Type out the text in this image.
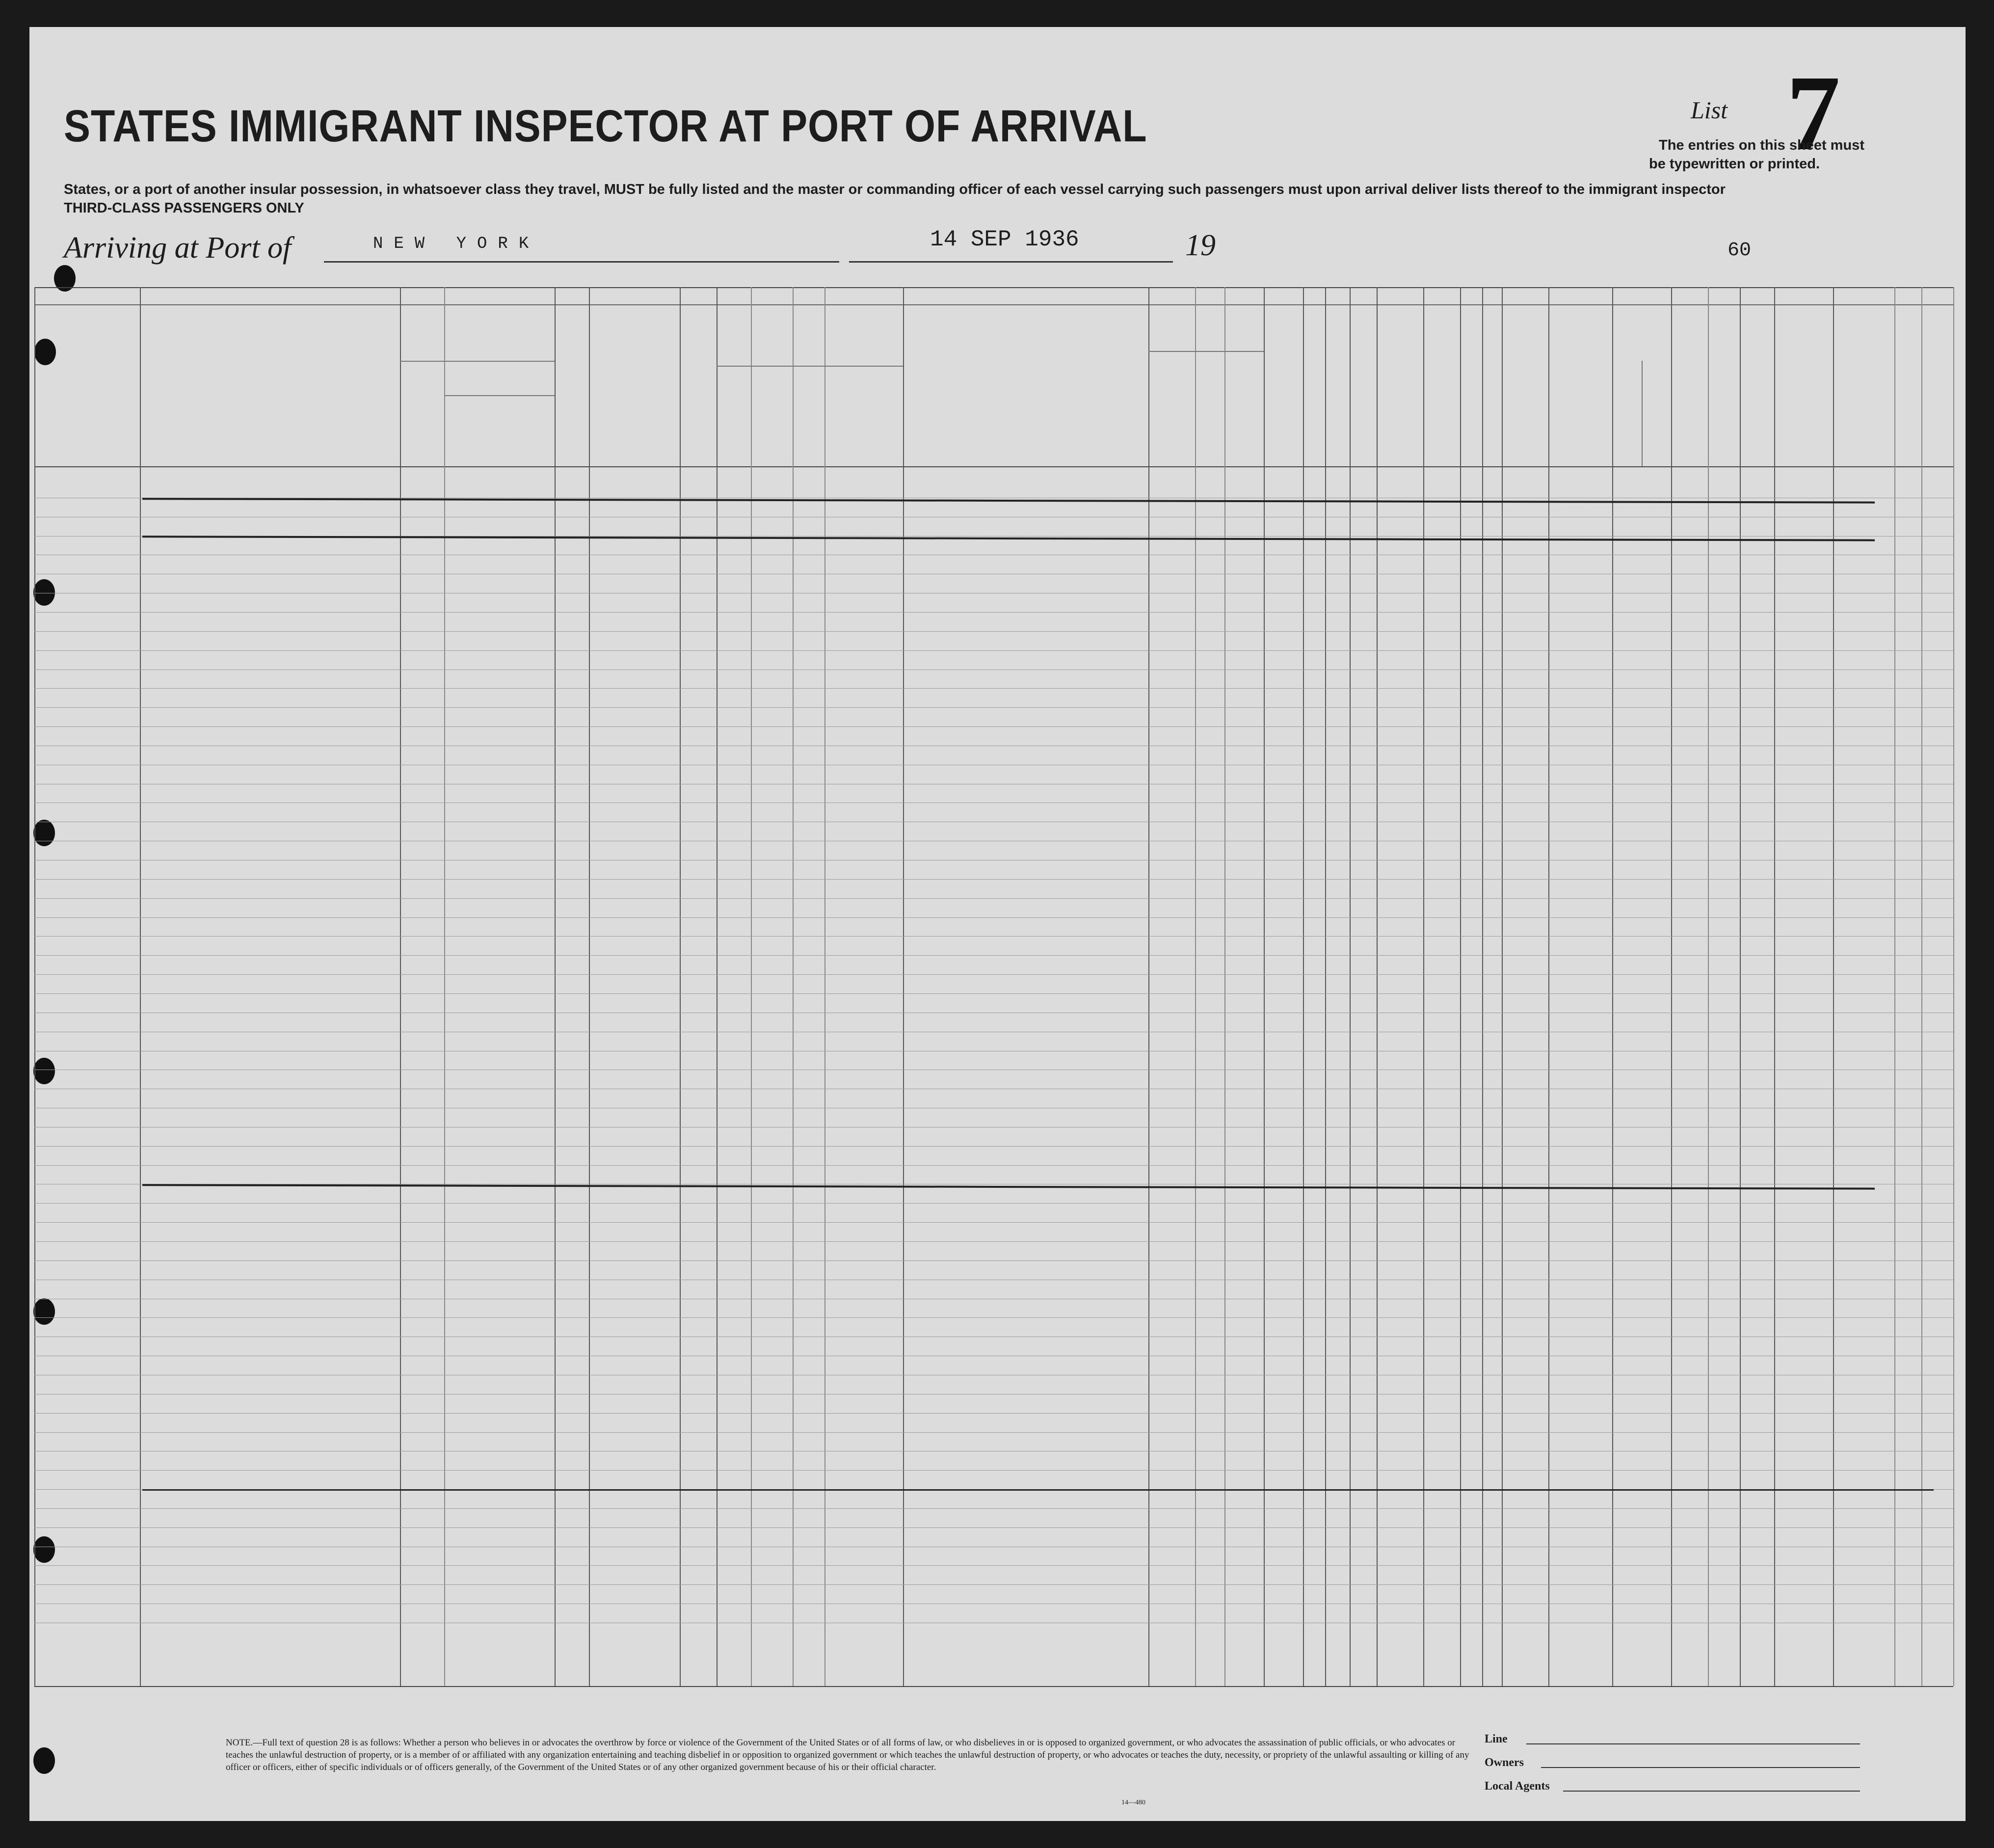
STATES IMMIGRANT INSPECTOR AT PORT OF ARRIVAL
States, or a port of another insular possession, in whatsoever class they travel, MUST be fully listed and the master or commanding officer of each vessel carrying such passengers must upon arrival deliver lists thereof to the immigrant inspector
THIRD-CLASS PASSENGERS ONLY
List 7
The entries on this sheet must
be typewritten or printed.
Arriving at Port of	NEW YORK	14 SEP 1936	19	60
NOTE.—Full text of question 28 is as follows: Whether a person who believes in or advocates the overthrow by force or violence of the Government of the United States or of all forms of law, or who disbelieves in or is opposed to organized government, or who advocates the assassination of public officials, or who advocates or teaches the unlawful destruction of property, or is a member of or affiliated with any organization entertaining and teaching disbelief in or opposition to organized government or which teaches the unlawful destruction of property, or who advocates or teaches the duty, necessity, or propriety of the unlawful assaulting or killing of any officer or officers, either of specific individuals or of officers generally, of the Government of the United States or of any other organized government because of his or their official character.
14—480
Line
Owners
Local Agents
